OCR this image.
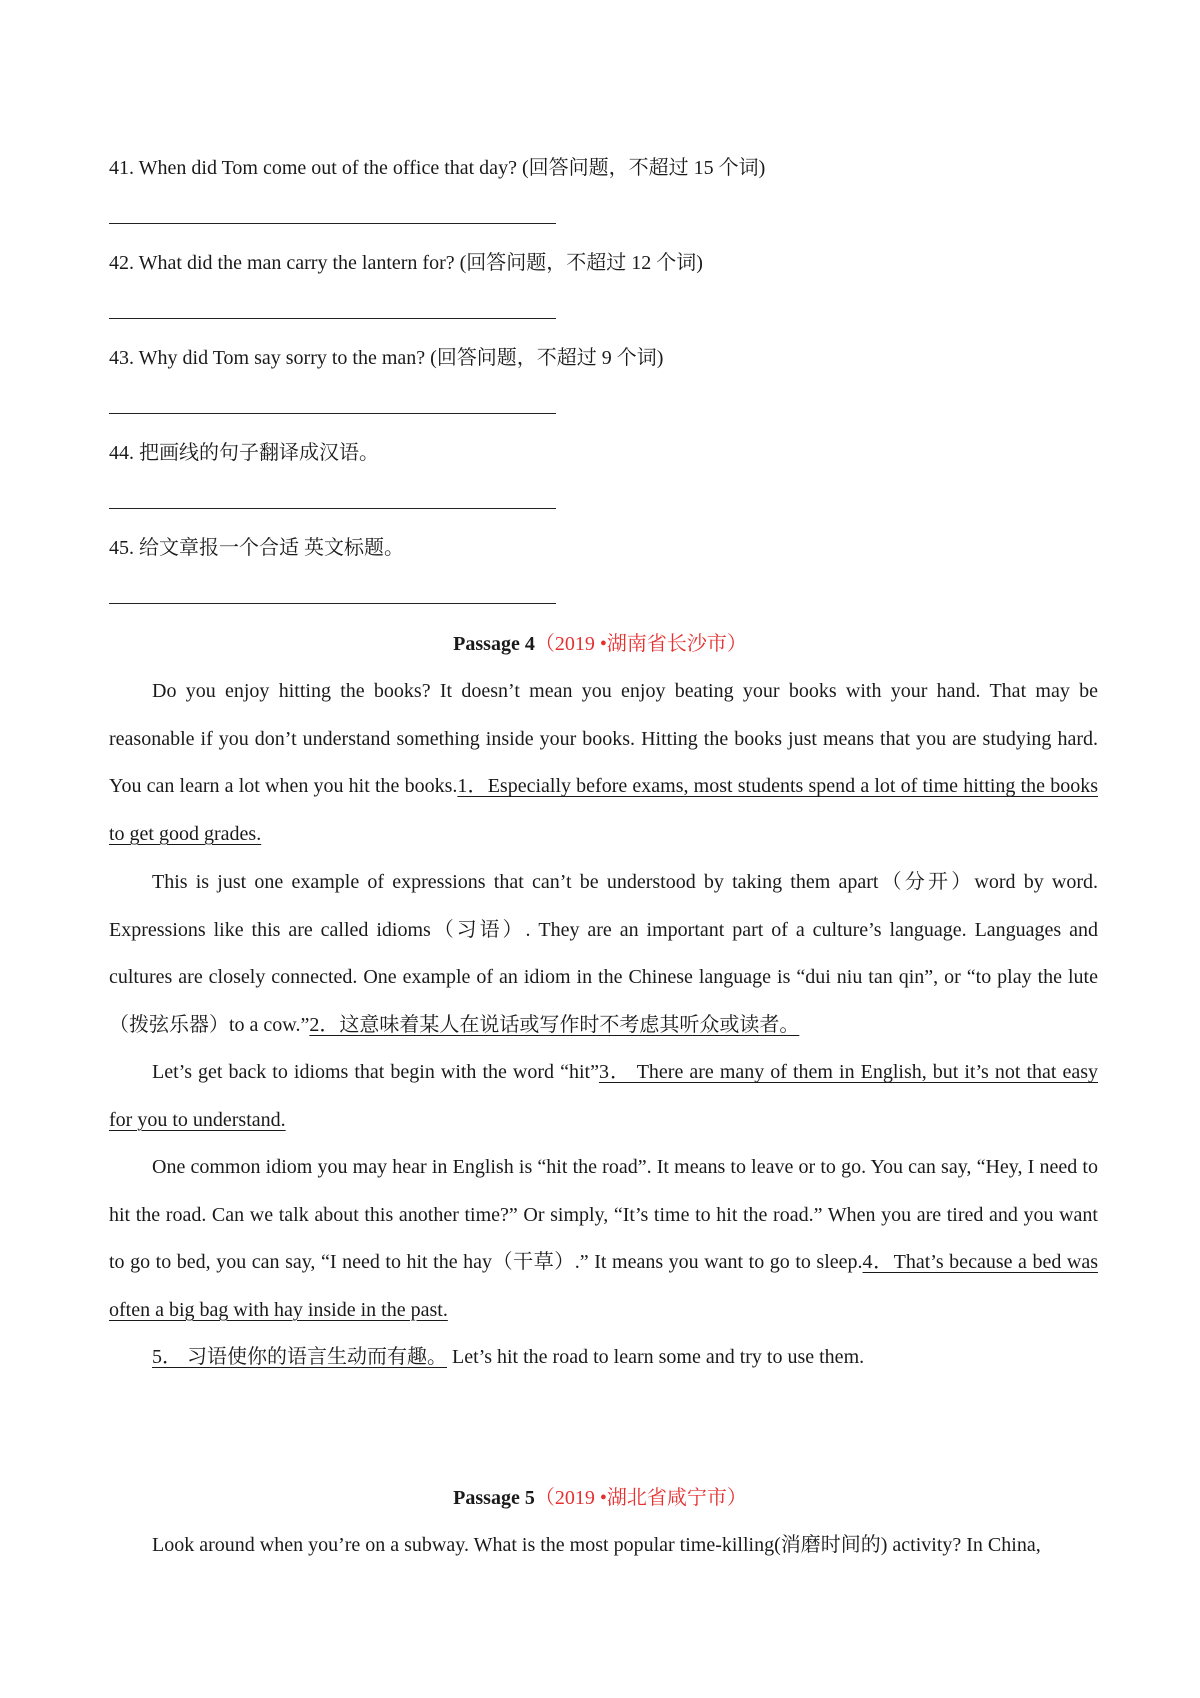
41. When did Tom come out of the office that day? (回答问题，不超过 15 个词)
42. What did the man carry the lantern for? (回答问题，不超过 12 个词)
43. Why did Tom say sorry to the man? (回答问题，不超过 9 个词)
44. 把画线的句子翻译成汉语。
45. 给文章报一个合适 英文标题。
Passage 4（2019 •湖南省长沙市）
Do you enjoy hitting the books? It doesn’t mean you enjoy beating your books with your hand. That may be reasonable if you don’t understand something inside your books. Hitting the books just means that you are studying hard. You can learn a lot when you hit the books.1．Especially before exams, most students spend a lot of time hitting the books to get good grades.
This is just one example of expressions that can’t be understood by taking them apart（分开）word by word. Expressions like this are called idioms（习语）. They are an important part of a culture’s language. Languages and cultures are closely connected. One example of an idiom in the Chinese language is “dui niu tan qin”, or “to play the lute（拨弦乐器）to a cow.”2．这意味着某人在说话或写作时不考虑其听众或读者。
Let’s get back to idioms that begin with the word “hit”3． There are many of them in English, but it’s not that easy for you to understand.
One common idiom you may hear in English is “hit the road”. It means to leave or to go. You can say, “Hey, I need to hit the road. Can we talk about this another time?” Or simply, “It’s time to hit the road.” When you are tired and you want to go to bed, you can say, “I need to hit the hay（干草）.” It means you want to go to sleep.4．That’s because a bed was often a big bag with hay inside in the past.
5． 习语使你的语言生动而有趣。 Let’s hit the road to learn some and try to use them.
Passage 5（2019 •湖北省咸宁市）
Look around when you’re on a subway. What is the most popular time-killing(消磨时间的) activity? In China,
